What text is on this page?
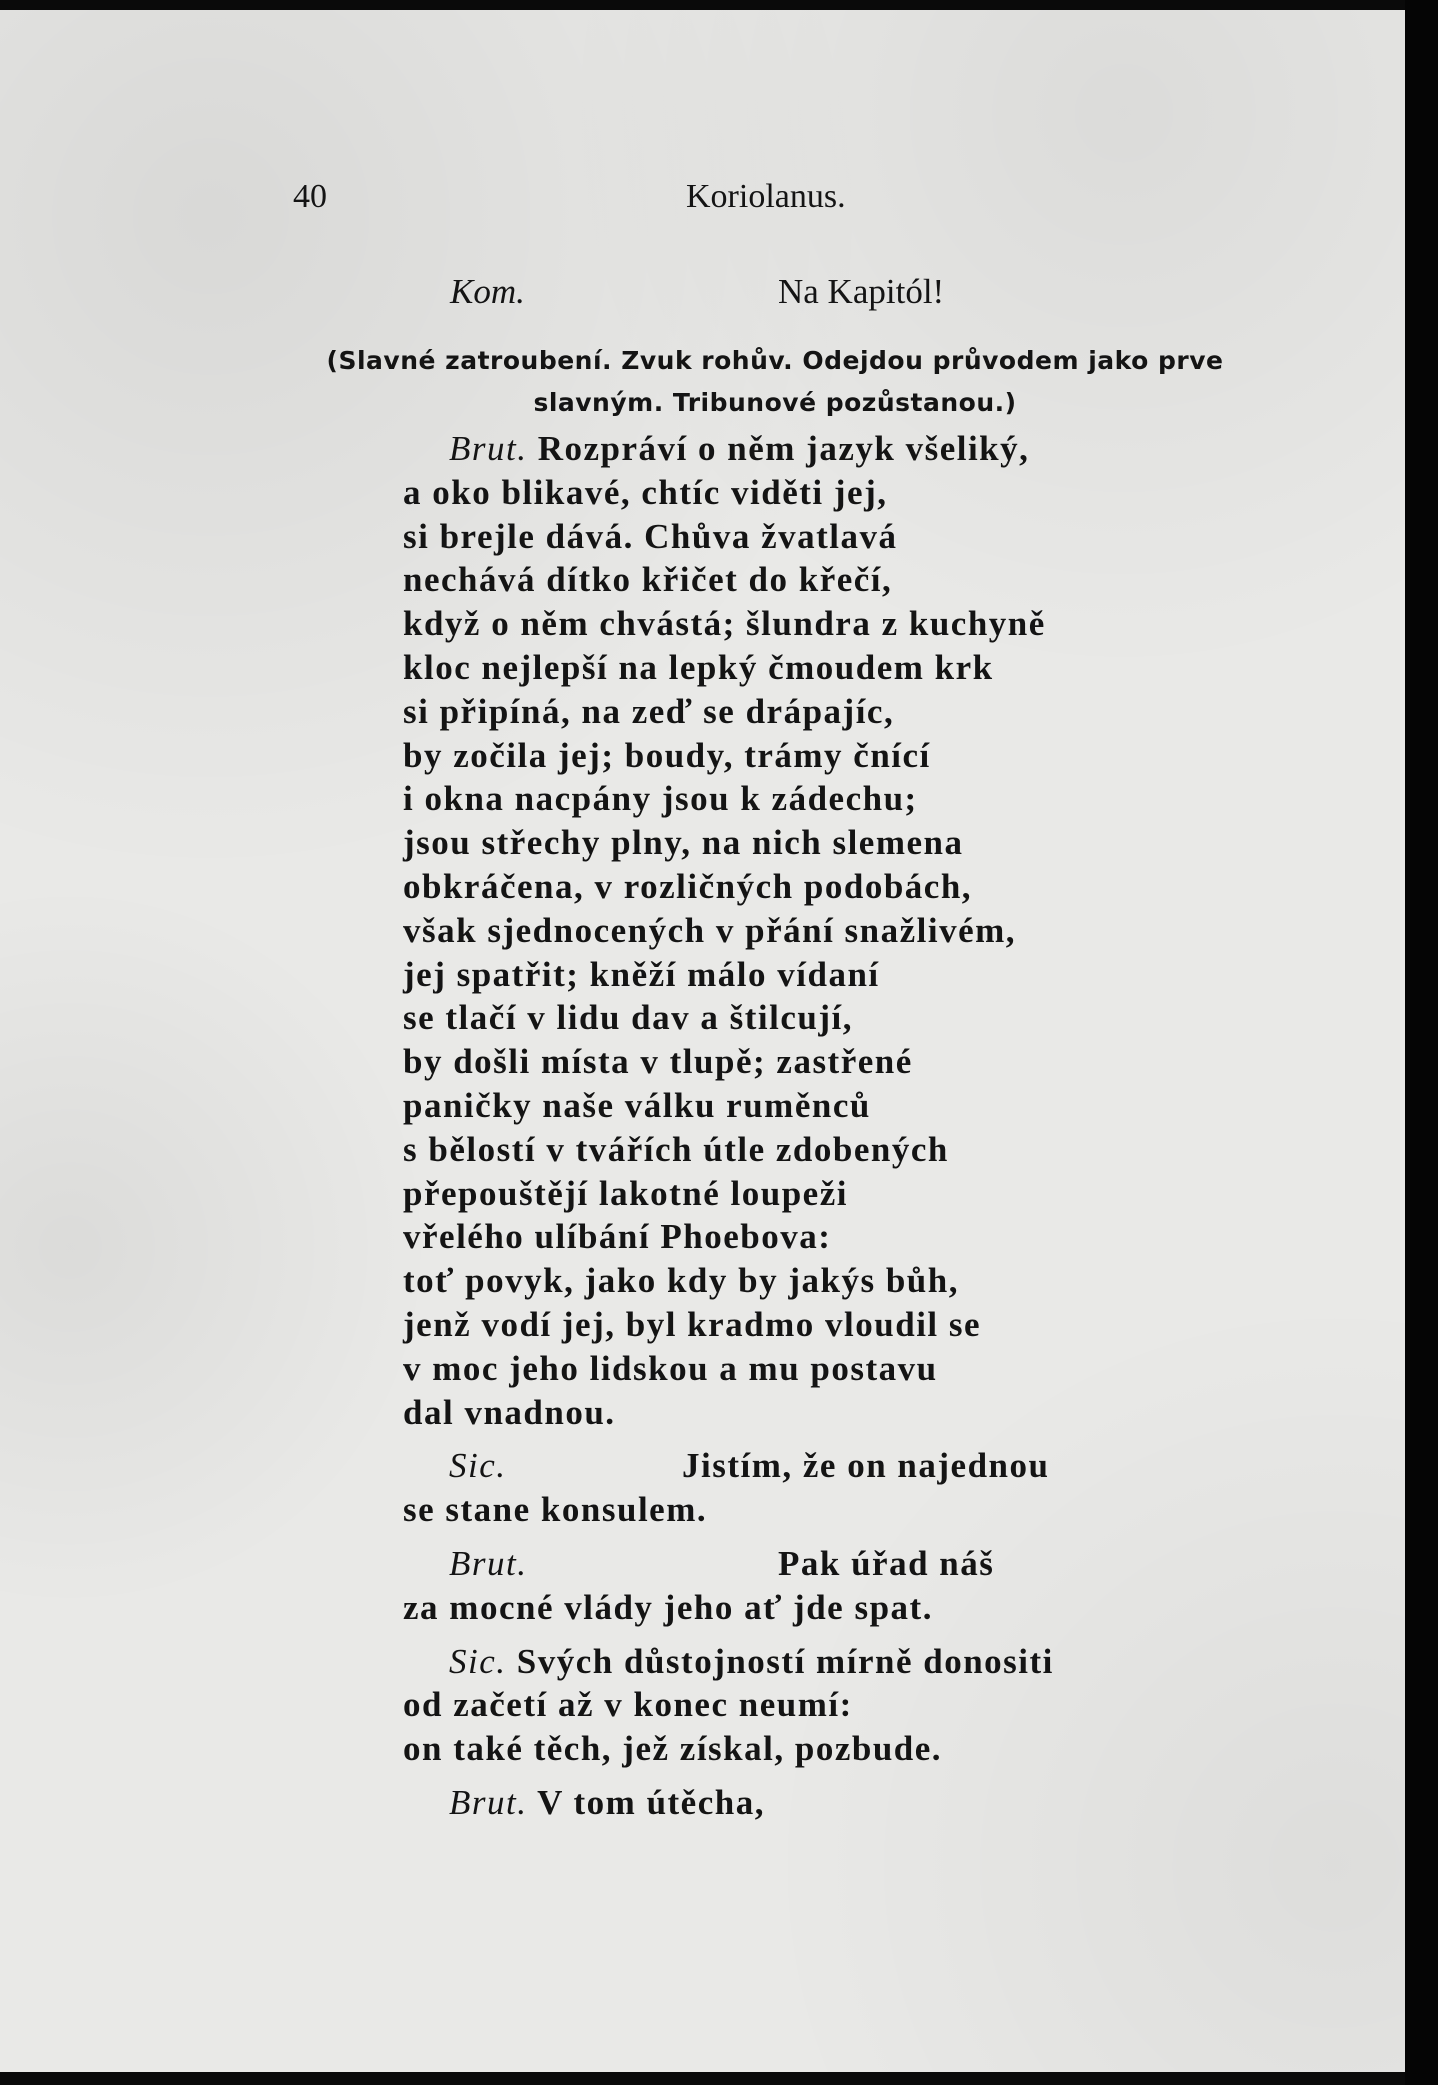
40	Koriolanus.
Kom.	Na Kapitól!
(Slavné zatroubení. Zvuk rohův. Odejdou průvodem jako prve
slavným. Tribunové pozůstanou.)
Brut. Rozpráví o něm jazyk všeliký,
a oko blikavé, chtíc viděti jej,
si brejle dává. Chůva žvatlavá
nechává dítko křičet do křečí,
když o něm chvástá; šlundra z kuchyně
kloc nejlepší na lepký čmoudem krk
si připíná, na zeď se drápajíc,
by zočila jej; boudy, trámy čnící
i okna nacpány jsou k zádechu;
jsou střechy plny, na nich slemena
obkráčena, v rozličných podobách,
však sjednocených v přání snažlivém,
jej spatřit; kněží málo vídaní
se tlačí v lidu dav a štilcují,
by došli místa v tlupě; zastřené
paničky naše válku ruměnců
s bělostí v tvářích útle zdobených
přepouštějí lakotné loupeži
vřelého ulíbání Phoebova:
toť povyk, jako kdy by jakýs bůh,
jenž vodí jej, byl kradmo vloudil se
v moc jeho lidskou a mu postavu
dal vnadnou.
Sic.	Jistím, že on najednou
se stane konsulem.
Brut.	Pak úřad náš
za mocné vlády jeho ať jde spat.
Sic. Svých důstojností mírně donositi
od začetí až v konec neumí:
on také těch, jež získal, pozbude.
Brut. V tom útěcha,
